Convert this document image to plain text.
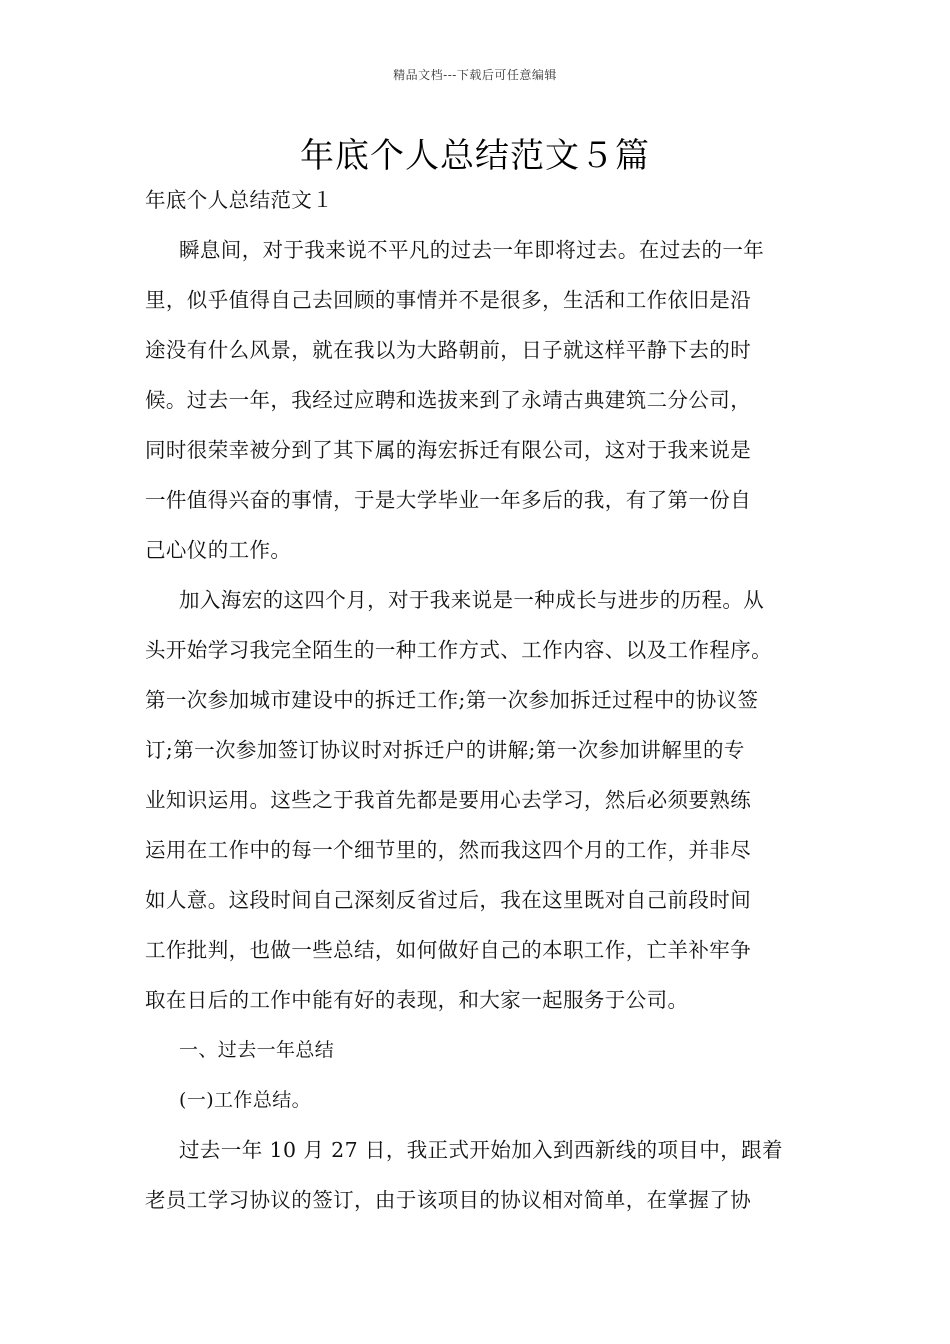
精品文档---下载后可任意编辑
年底个人总结范文５篇
年底个人总结范文１
瞬息间，对于我来说不平凡的过去一年即将过去。在过去的一年
里，似乎值得自己去回顾的事情并不是很多，生活和工作依旧是沿
途没有什么风景，就在我以为大路朝前，日子就这样平静下去的时
候。过去一年，我经过应聘和选拔来到了永靖古典建筑二分公司，
同时很荣幸被分到了其下属的海宏拆迁有限公司，这对于我来说是
一件值得兴奋的事情，于是大学毕业一年多后的我，有了第一份自
己心仪的工作。
加入海宏的这四个月，对于我来说是一种成长与进步的历程。从
头开始学习我完全陌生的一种工作方式、工作内容、以及工作程序。
第一次参加城市建设中的拆迁工作;第一次参加拆迁过程中的协议签
订;第一次参加签订协议时对拆迁户的讲解;第一次参加讲解里的专
业知识运用。这些之于我首先都是要用心去学习，然后必须要熟练
运用在工作中的每一个细节里的，然而我这四个月的工作，并非尽
如人意。这段时间自己深刻反省过后，我在这里既对自己前段时间
工作批判，也做一些总结，如何做好自己的本职工作，亡羊补牢争
取在日后的工作中能有好的表现，和大家一起服务于公司。
一、过去一年总结
(一)工作总结。
过去一年 10 月 27 日，我正式开始加入到西新线的项目中，跟着
老员工学习协议的签订，由于该项目的协议相对简单，在掌握了协
